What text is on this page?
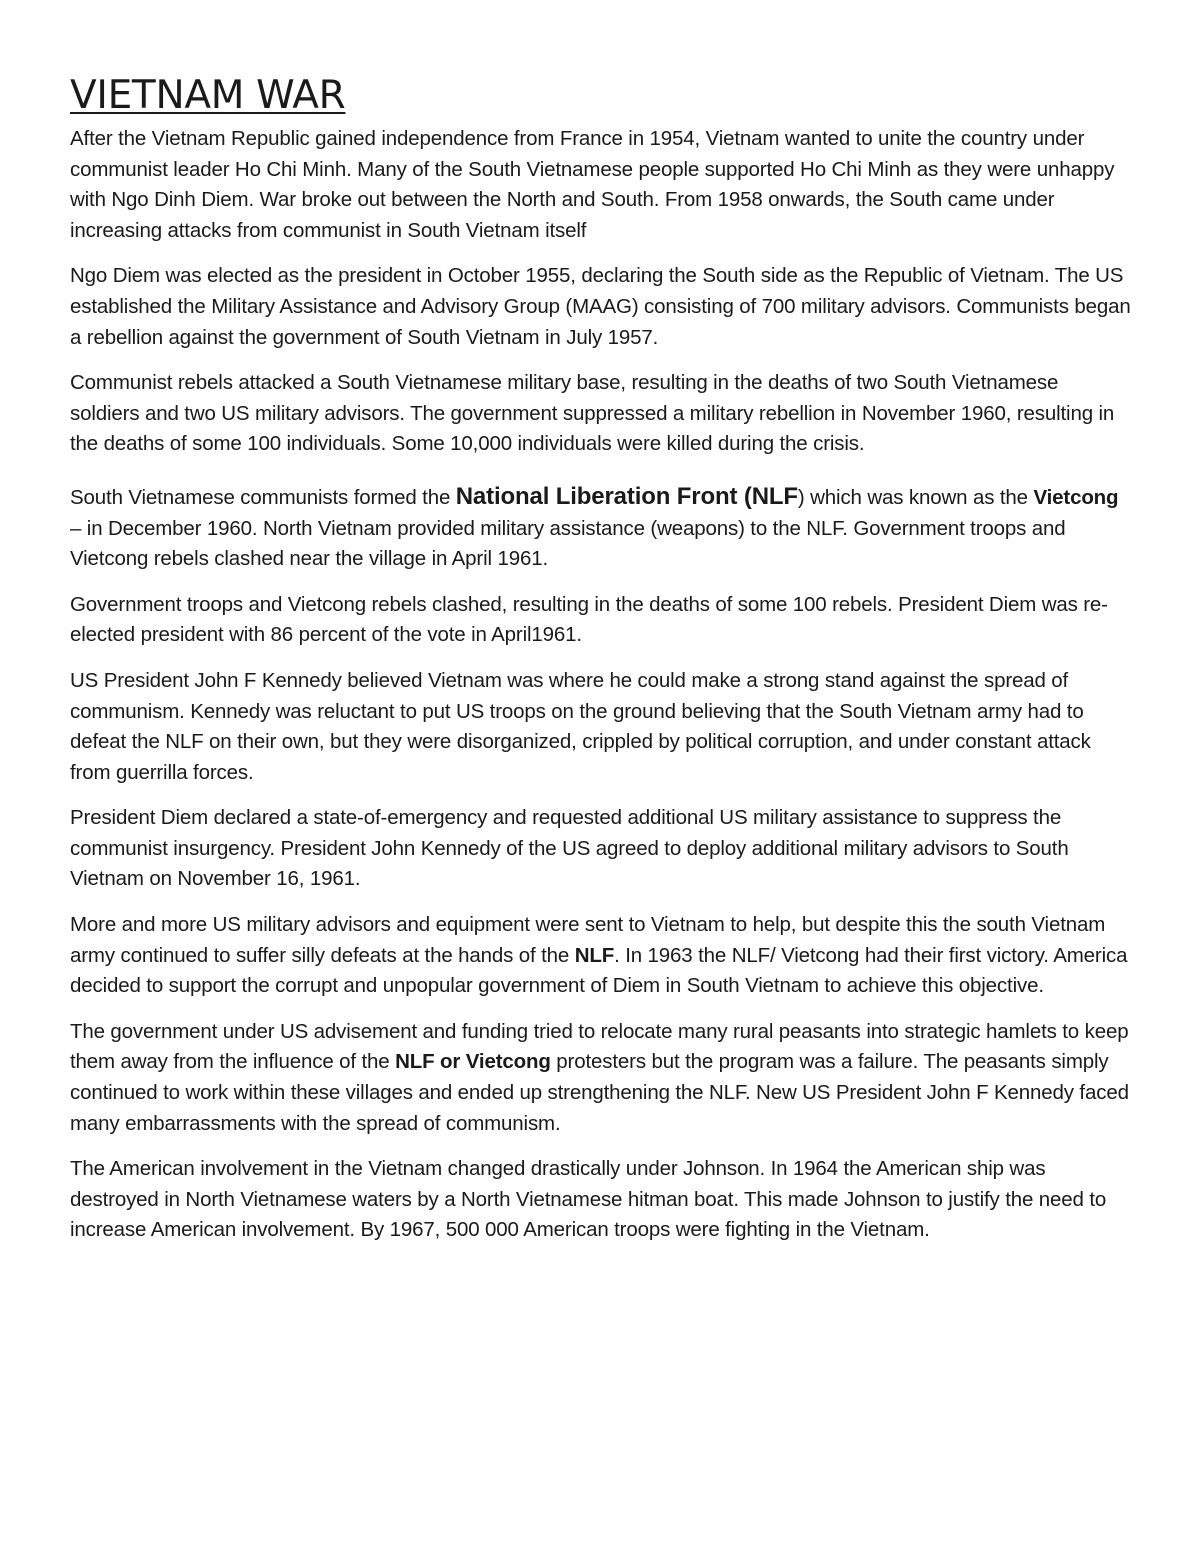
VIETNAM WAR

After the Vietnam Republic gained independence from France in 1954, Vietnam wanted to unite the country under communist leader Ho Chi Minh. Many of the South Vietnamese people supported Ho Chi Minh as they were unhappy with Ngo Dinh Diem. War broke out between the North and South. From 1958 onwards, the South came under increasing attacks from communist in South Vietnam itself

Ngo Diem was elected as the president in October 1955, declaring the South side as the Republic of Vietnam. The US established the Military Assistance and Advisory Group (MAAG) consisting of 700 military advisors. Communists began a rebellion against the government of South Vietnam in July 1957.

Communist rebels attacked a South Vietnamese military base, resulting in the deaths of two South Vietnamese soldiers and two US military advisors. The government suppressed a military rebellion in November 1960, resulting in the deaths of some 100 individuals. Some 10,000 individuals were killed during the crisis.

South Vietnamese communists formed the National Liberation Front (NLF) which was known as the Vietcong – in December 1960. North Vietnam provided military assistance (weapons) to the NLF. Government troops and Vietcong rebels clashed near the village in April 1961.

Government troops and Vietcong rebels clashed, resulting in the deaths of some 100 rebels. President Diem was re-elected president with 86 percent of the vote in April1961.

US President John F Kennedy believed Vietnam was where he could make a strong stand against the spread of communism. Kennedy was reluctant to put US troops on the ground believing that the South Vietnam army had to defeat the NLF on their own, but they were disorganized, crippled by political corruption, and under constant attack from guerrilla forces.

President Diem declared a state-of-emergency and requested additional US military assistance to suppress the communist insurgency. President John Kennedy of the US agreed to deploy additional military advisors to South Vietnam on November 16, 1961.

More and more US military advisors and equipment were sent to Vietnam to help, but despite this the south Vietnam army continued to suffer silly defeats at the hands of the NLF. In 1963 the NLF/ Vietcong had their first victory. America decided to support the corrupt and unpopular government of Diem in South Vietnam to achieve this objective.

The government under US advisement and funding tried to relocate many rural peasants into strategic hamlets to keep them away from the influence of the NLF or Vietcong protesters but the program was a failure. The peasants simply continued to work within these villages and ended up strengthening the NLF. New US President John F Kennedy faced many embarrassments with the spread of communism.

The American involvement in the Vietnam changed drastically under Johnson. In 1964 the American ship was destroyed in North Vietnamese waters by a North Vietnamese hitman boat. This made Johnson to justify the need to increase American involvement. By 1967, 500 000 American troops were fighting in the Vietnam.
